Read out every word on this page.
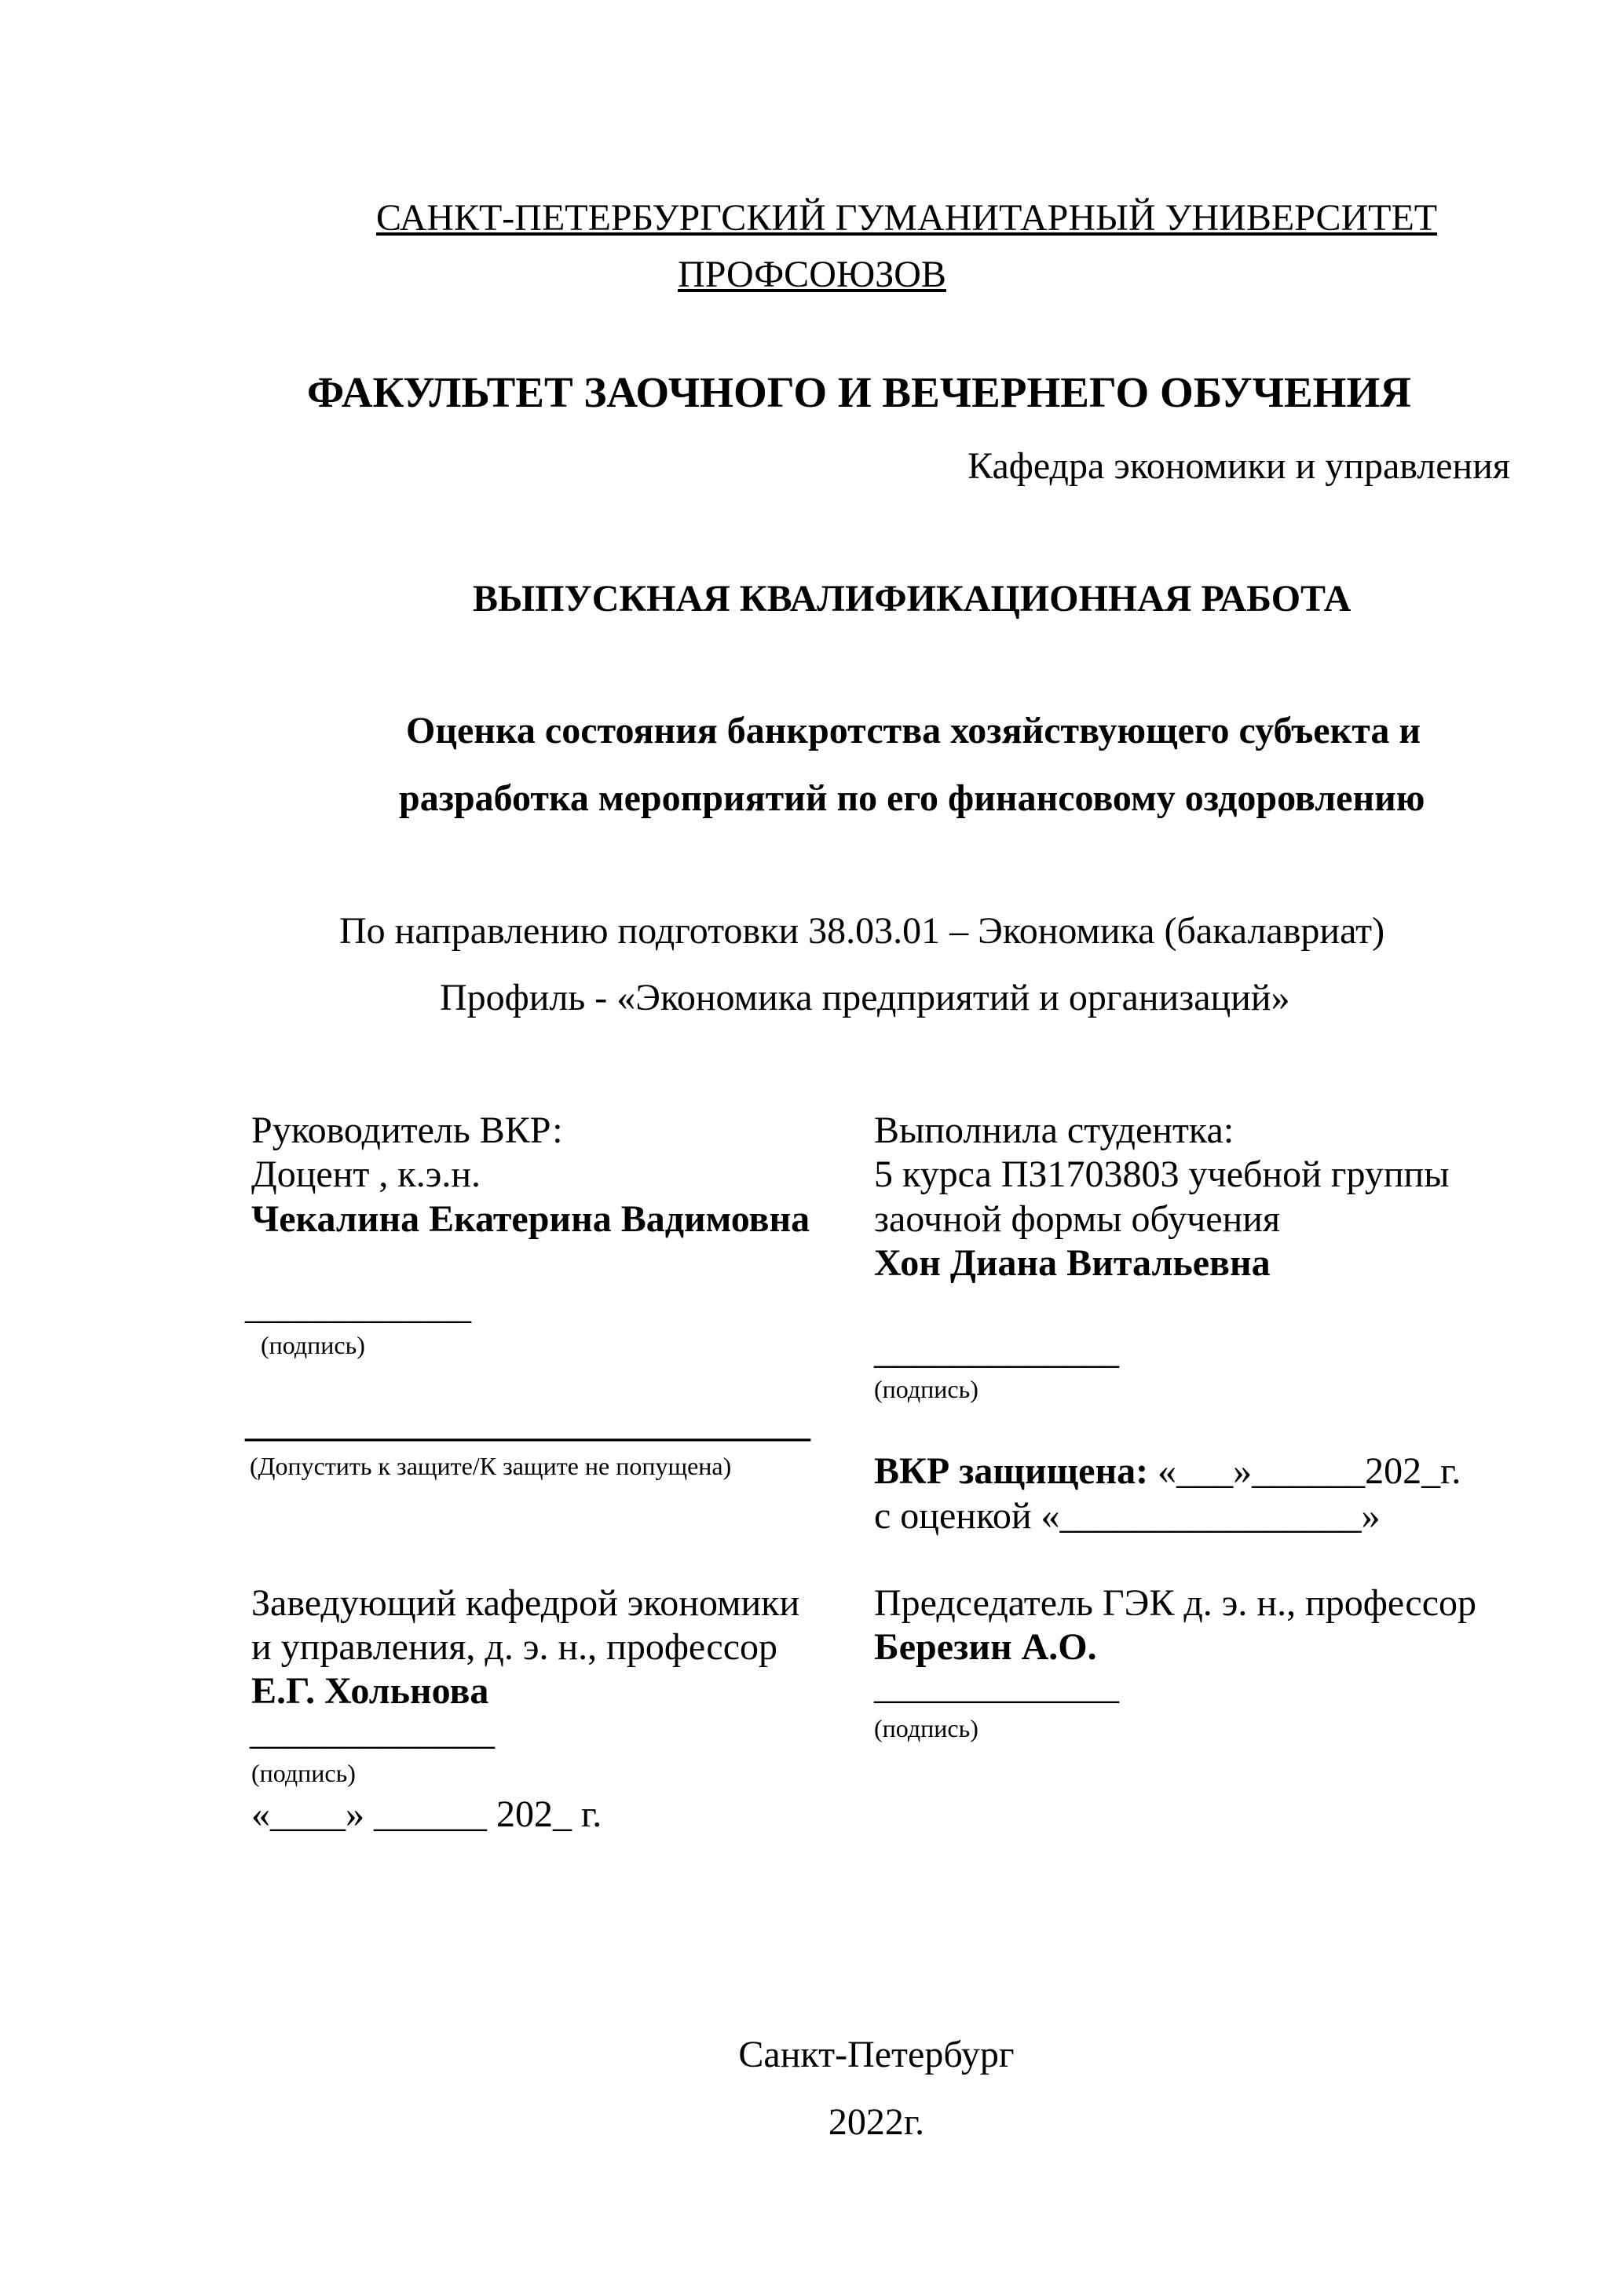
САНКТ-ПЕТЕРБУРГСКИЙ ГУМАНИТАРНЫЙ УНИВЕРСИТЕТ
ПРОФСОЮЗОВ
ФАКУЛЬТЕТ ЗАОЧНОГО И ВЕЧЕРНЕГО ОБУЧЕНИЯ
Кафедра экономики и управления
ВЫПУСКНАЯ КВАЛИФИКАЦИОННАЯ РАБОТА
Оценка состояния банкротства хозяйствующего субъекта и
разработка мероприятий по его финансовому оздоровлению
По направлению подготовки 38.03.01 – Экономика (бакалавриат)
Профиль - «Экономика предприятий и организаций»
Руководитель ВКР:
Доцент , к.э.н.
Чекалина Екатерина Вадимовна
____________
(подпись)
______________________________
(Допустить к защите/К защите не попущена)
Заведующий кафедрой экономики
и управления, д. э. н., профессор
Е.Г. Хольнова
_____________
(подпись)
«____» ______ 202_ г.
Выполнила студентка:
5 курса ПЗ1703803 учебной группы
заочной формы обучения
Хон Диана Витальевна
_____________
(подпись)
ВКР защищена: «___»______202_г.
с оценкой «________________»
Председатель ГЭК д. э. н., профессор
Березин А.О.
_____________
(подпись)
Санкт-Петербург
2022г.
